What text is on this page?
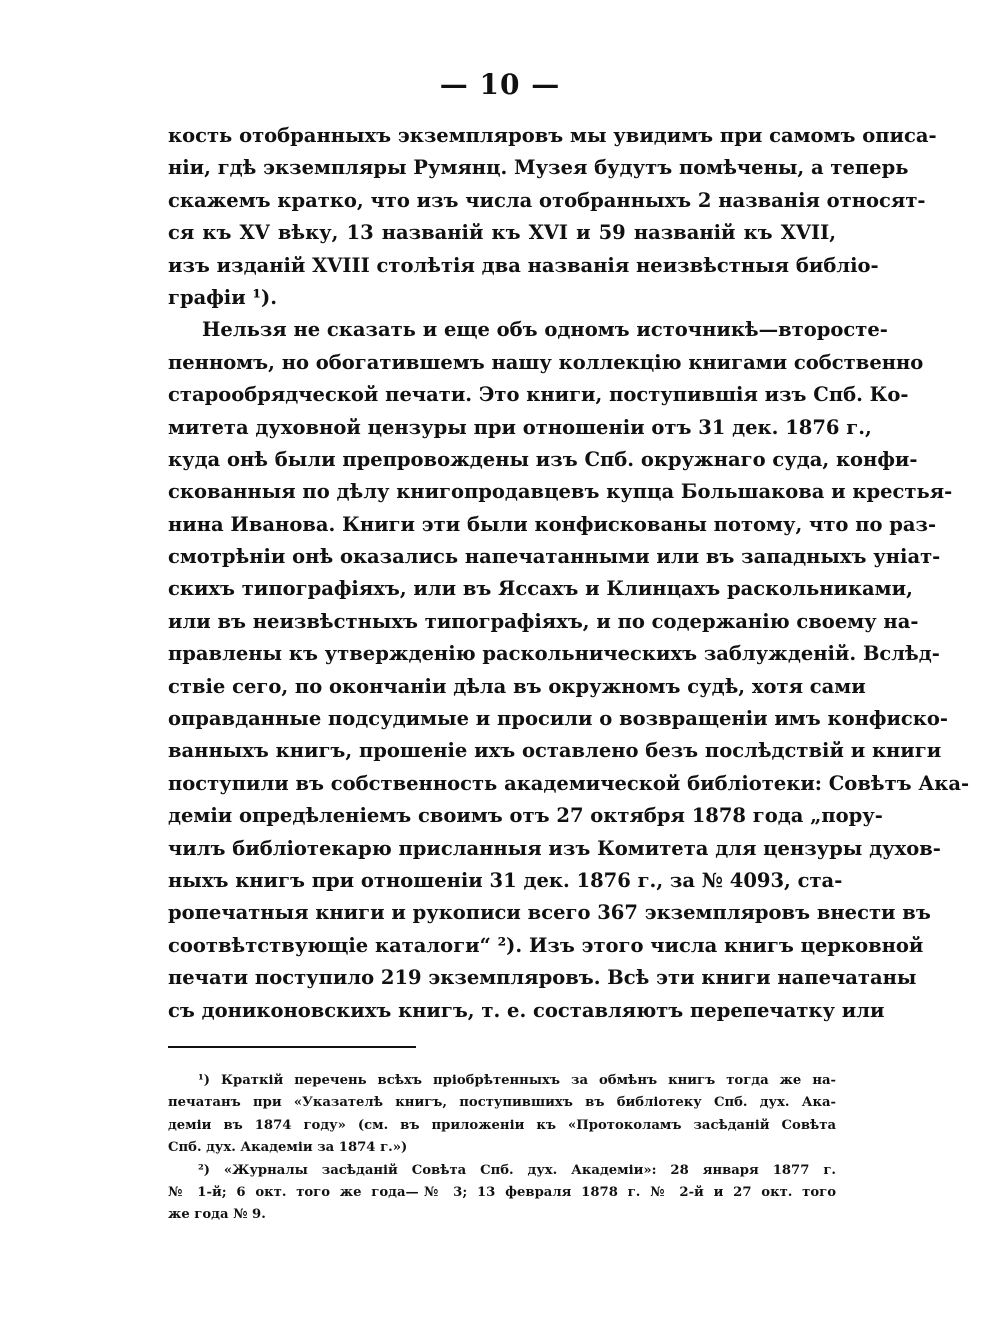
— 10 —
кость отобранныхъ экземпляровъ мы увидимъ при самомъ описа-
ніи, гдѣ экземпляры Румянц. Музея будутъ помѣчены, а теперь
скажемъ кратко, что изъ числа отобранныхъ 2 названія относят-
ся къ XV вѣку, 13 названій къ XVI и 59 названій къ XVII,
изъ изданій XVIII столѣтія два названія неизвѣстныя библіо-
графіи ¹).
Нельзя не сказать и еще объ одномъ источникѣ—второсте-
пенномъ, но обогатившемъ нашу коллекцію книгами собственно
старообрядческой печати. Это книги, поступившія изъ Спб. Ко-
митета духовной цензуры при отношеніи отъ 31 дек. 1876 г.,
куда онѣ были препровождены изъ Спб. окружнаго суда, конфи-
скованныя по дѣлу книгопродавцевъ купца Большакова и крестья-
нина Иванова. Книги эти были конфискованы потому, что по раз-
смотрѣніи онѣ оказались напечатанными или въ западныхъ уніат-
скихъ типографіяхъ, или въ Яссахъ и Клинцахъ раскольниками,
или въ неизвѣстныхъ типографіяхъ, и по содержанію своему на-
правлены къ утвержденію раскольническихъ заблужденій. Вслѣд-
ствіе сего, по окончаніи дѣла въ окружномъ судѣ, хотя сами
оправданные подсудимые и просили о возвращеніи имъ конфиско-
ванныхъ книгъ, прошеніе ихъ оставлено безъ послѣдствій и книги
поступили въ собственность академической библіотеки: Совѣтъ Ака-
деміи опредѣленіемъ своимъ отъ 27 октября 1878 года „пору-
чилъ библіотекарю присланныя изъ Комитета для цензуры духов-
ныхъ книгъ при отношеніи 31 дек. 1876 г., за № 4093, ста-
ропечатныя книги и рукописи всего 367 экземпляровъ внести въ
соотвѣтствующіе каталоги“ ²). Изъ этого числа книгъ церковной
печати поступило 219 экземпляровъ. Всѣ эти книги напечатаны
съ дониконовскихъ книгъ, т. е. составляютъ перепечатку или
¹) Краткій перечень всѣхъ пріобрѣтенныхъ за обмѣнъ книгъ тогда же на-
печатанъ при «Указателѣ книгъ, поступившихъ въ библіотеку Спб. дух. Ака-
деміи въ 1874 году» (см. въ приложеніи къ «Протоколамъ засѣданій Совѣта
Спб. дух. Академіи за 1874 г.»)
²) «Журналы засѣданій Совѣта Спб. дух. Академіи»: 28 января 1877 г.
№ 1-й; 6 окт. того же года—№ 3; 13 февраля 1878 г. № 2-й и 27 окт. того
же года № 9.
